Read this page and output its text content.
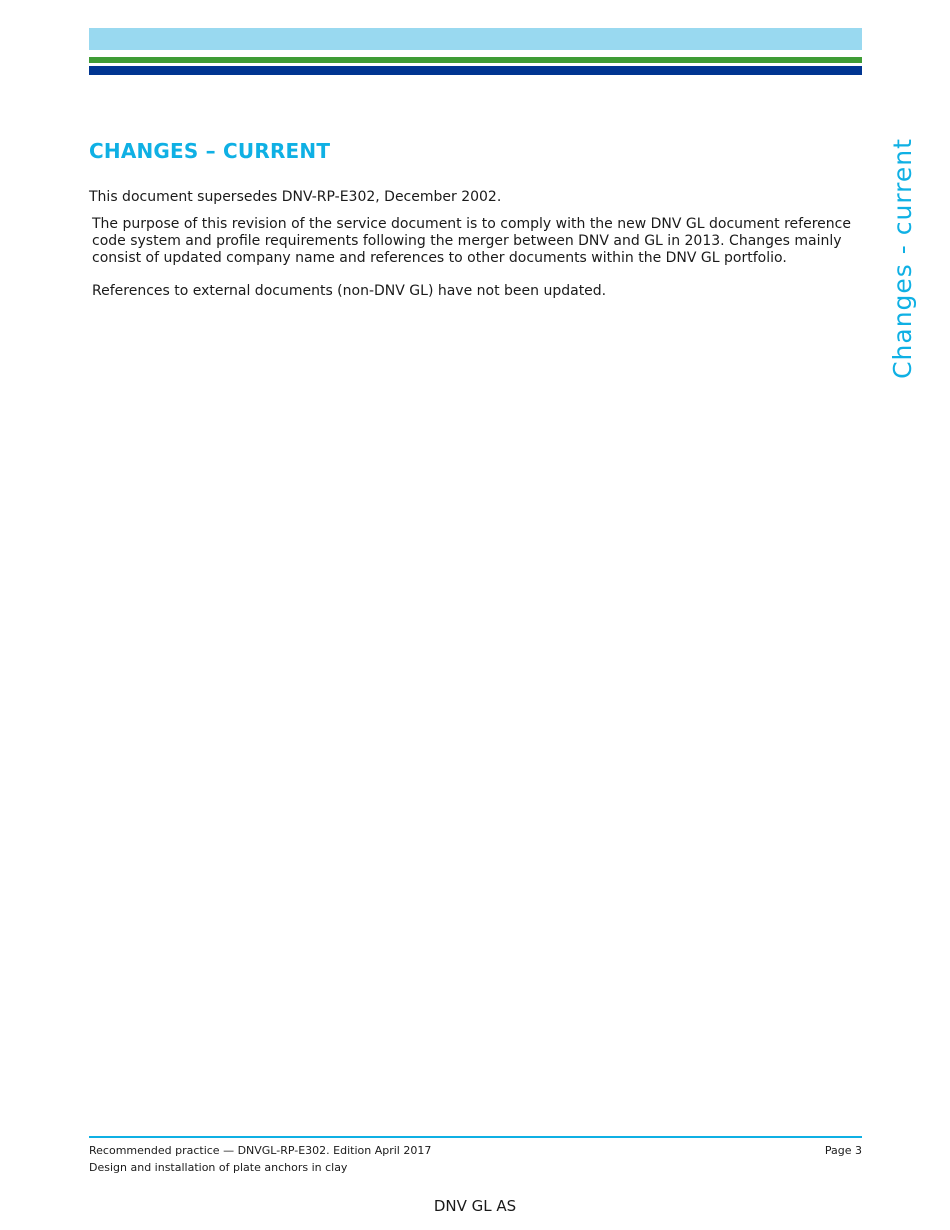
CHANGES – CURRENT

This document supersedes DNV-RP-E302, December 2002.

The purpose of this revision of the service document is to comply with the new DNV GL document reference code system and profile requirements following the merger between DNV and GL in 2013. Changes mainly consist of updated company name and references to other documents within the DNV GL portfolio.

References to external documents (non-DNV GL) have not been updated.	Changes - current
Recommended practice — DNVGL-RP-E302. Edition April 2017
Design and installation of plate anchors in clay
Page 3
DNV GL AS
